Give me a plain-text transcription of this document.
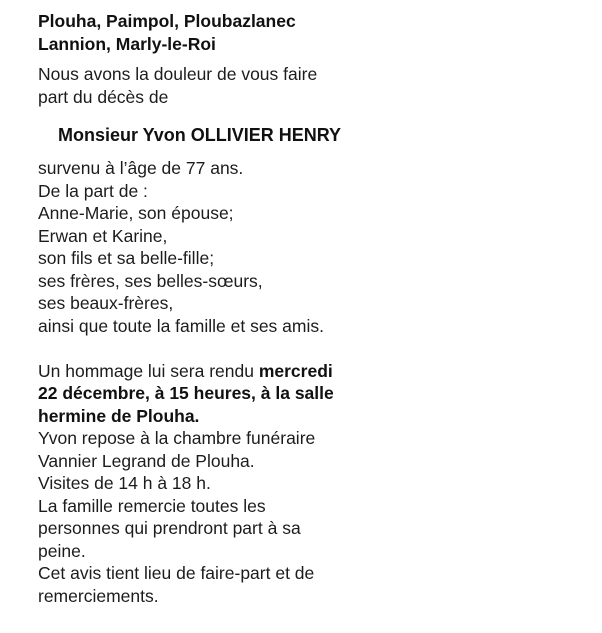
Plouha, Paimpol, Ploubazlanec
Lannion, Marly-le-Roi
Nous avons la douleur de vous faire
part du décès de
Monsieur Yvon OLLIVIER HENRY
survenu à l’âge de 77 ans.
De la part de :
Anne-Marie, son épouse;
Erwan et Karine,
son fils et sa belle-fille;
ses frères, ses belles-sœurs,
ses beaux-frères,
ainsi que toute la famille et ses amis.
Un hommage lui sera rendu mercredi
22 décembre, à 15 heures, à la salle
hermine de Plouha.
Yvon repose à la chambre funéraire
Vannier Legrand de Plouha.
Visites de 14 h à 18 h.
La famille remercie toutes les
personnes qui prendront part à sa
peine.
Cet avis tient lieu de faire-part et de
remerciements.
